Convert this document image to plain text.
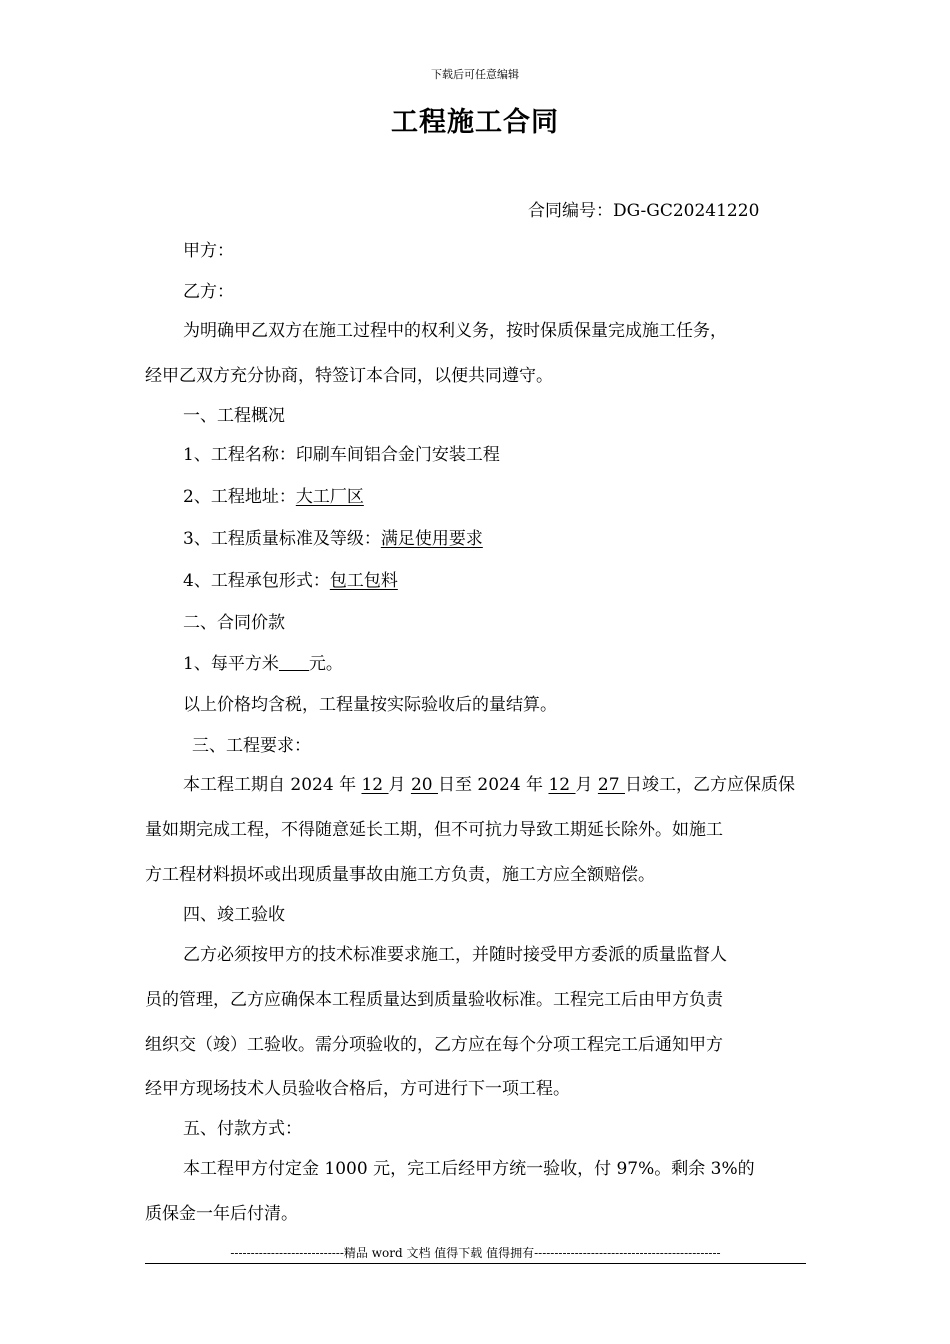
下载后可任意编辑
工程施工合同
合同编号：DG-GC20241220
甲方：
乙方：
为明确甲乙双方在施工过程中的权利义务，按时保质保量完成施工任务，
经甲乙双方充分协商，特签订本合同，以便共同遵守。
一、工程概况
1、工程名称：印刷车间铝合金门安装工程
2、工程地址：大工厂区
3、工程质量标准及等级：满足使用要求
4、工程承包形式：包工包料
二、合同价款
1、每平方米 元。
以上价格均含税，工程量按实际验收后的量结算。
三、工程要求：
本工程工期自 2024 年 12 月 20 日至 2024 年 12 月 27 日竣工，乙方应保质保
量如期完成工程，不得随意延长工期，但不可抗力导致工期延长除外。如施工
方工程材料损坏或出现质量事故由施工方负责，施工方应全额赔偿。
四、竣工验收
乙方必须按甲方的技术标准要求施工，并随时接受甲方委派的质量监督人
员的管理，乙方应确保本工程质量达到质量验收标准。工程完工后由甲方负责
组织交（竣）工验收。需分项验收的，乙方应在每个分项工程完工后通知甲方
经甲方现场技术人员验收合格后，方可进行下一项工程。
五、付款方式：
本工程甲方付定金 1000 元，完工后经甲方统一验收，付 97%。剩余 3%的
质保金一年后付清。
----------------------------精品 word 文档 值得下载 值得拥有----------------------------------------------
